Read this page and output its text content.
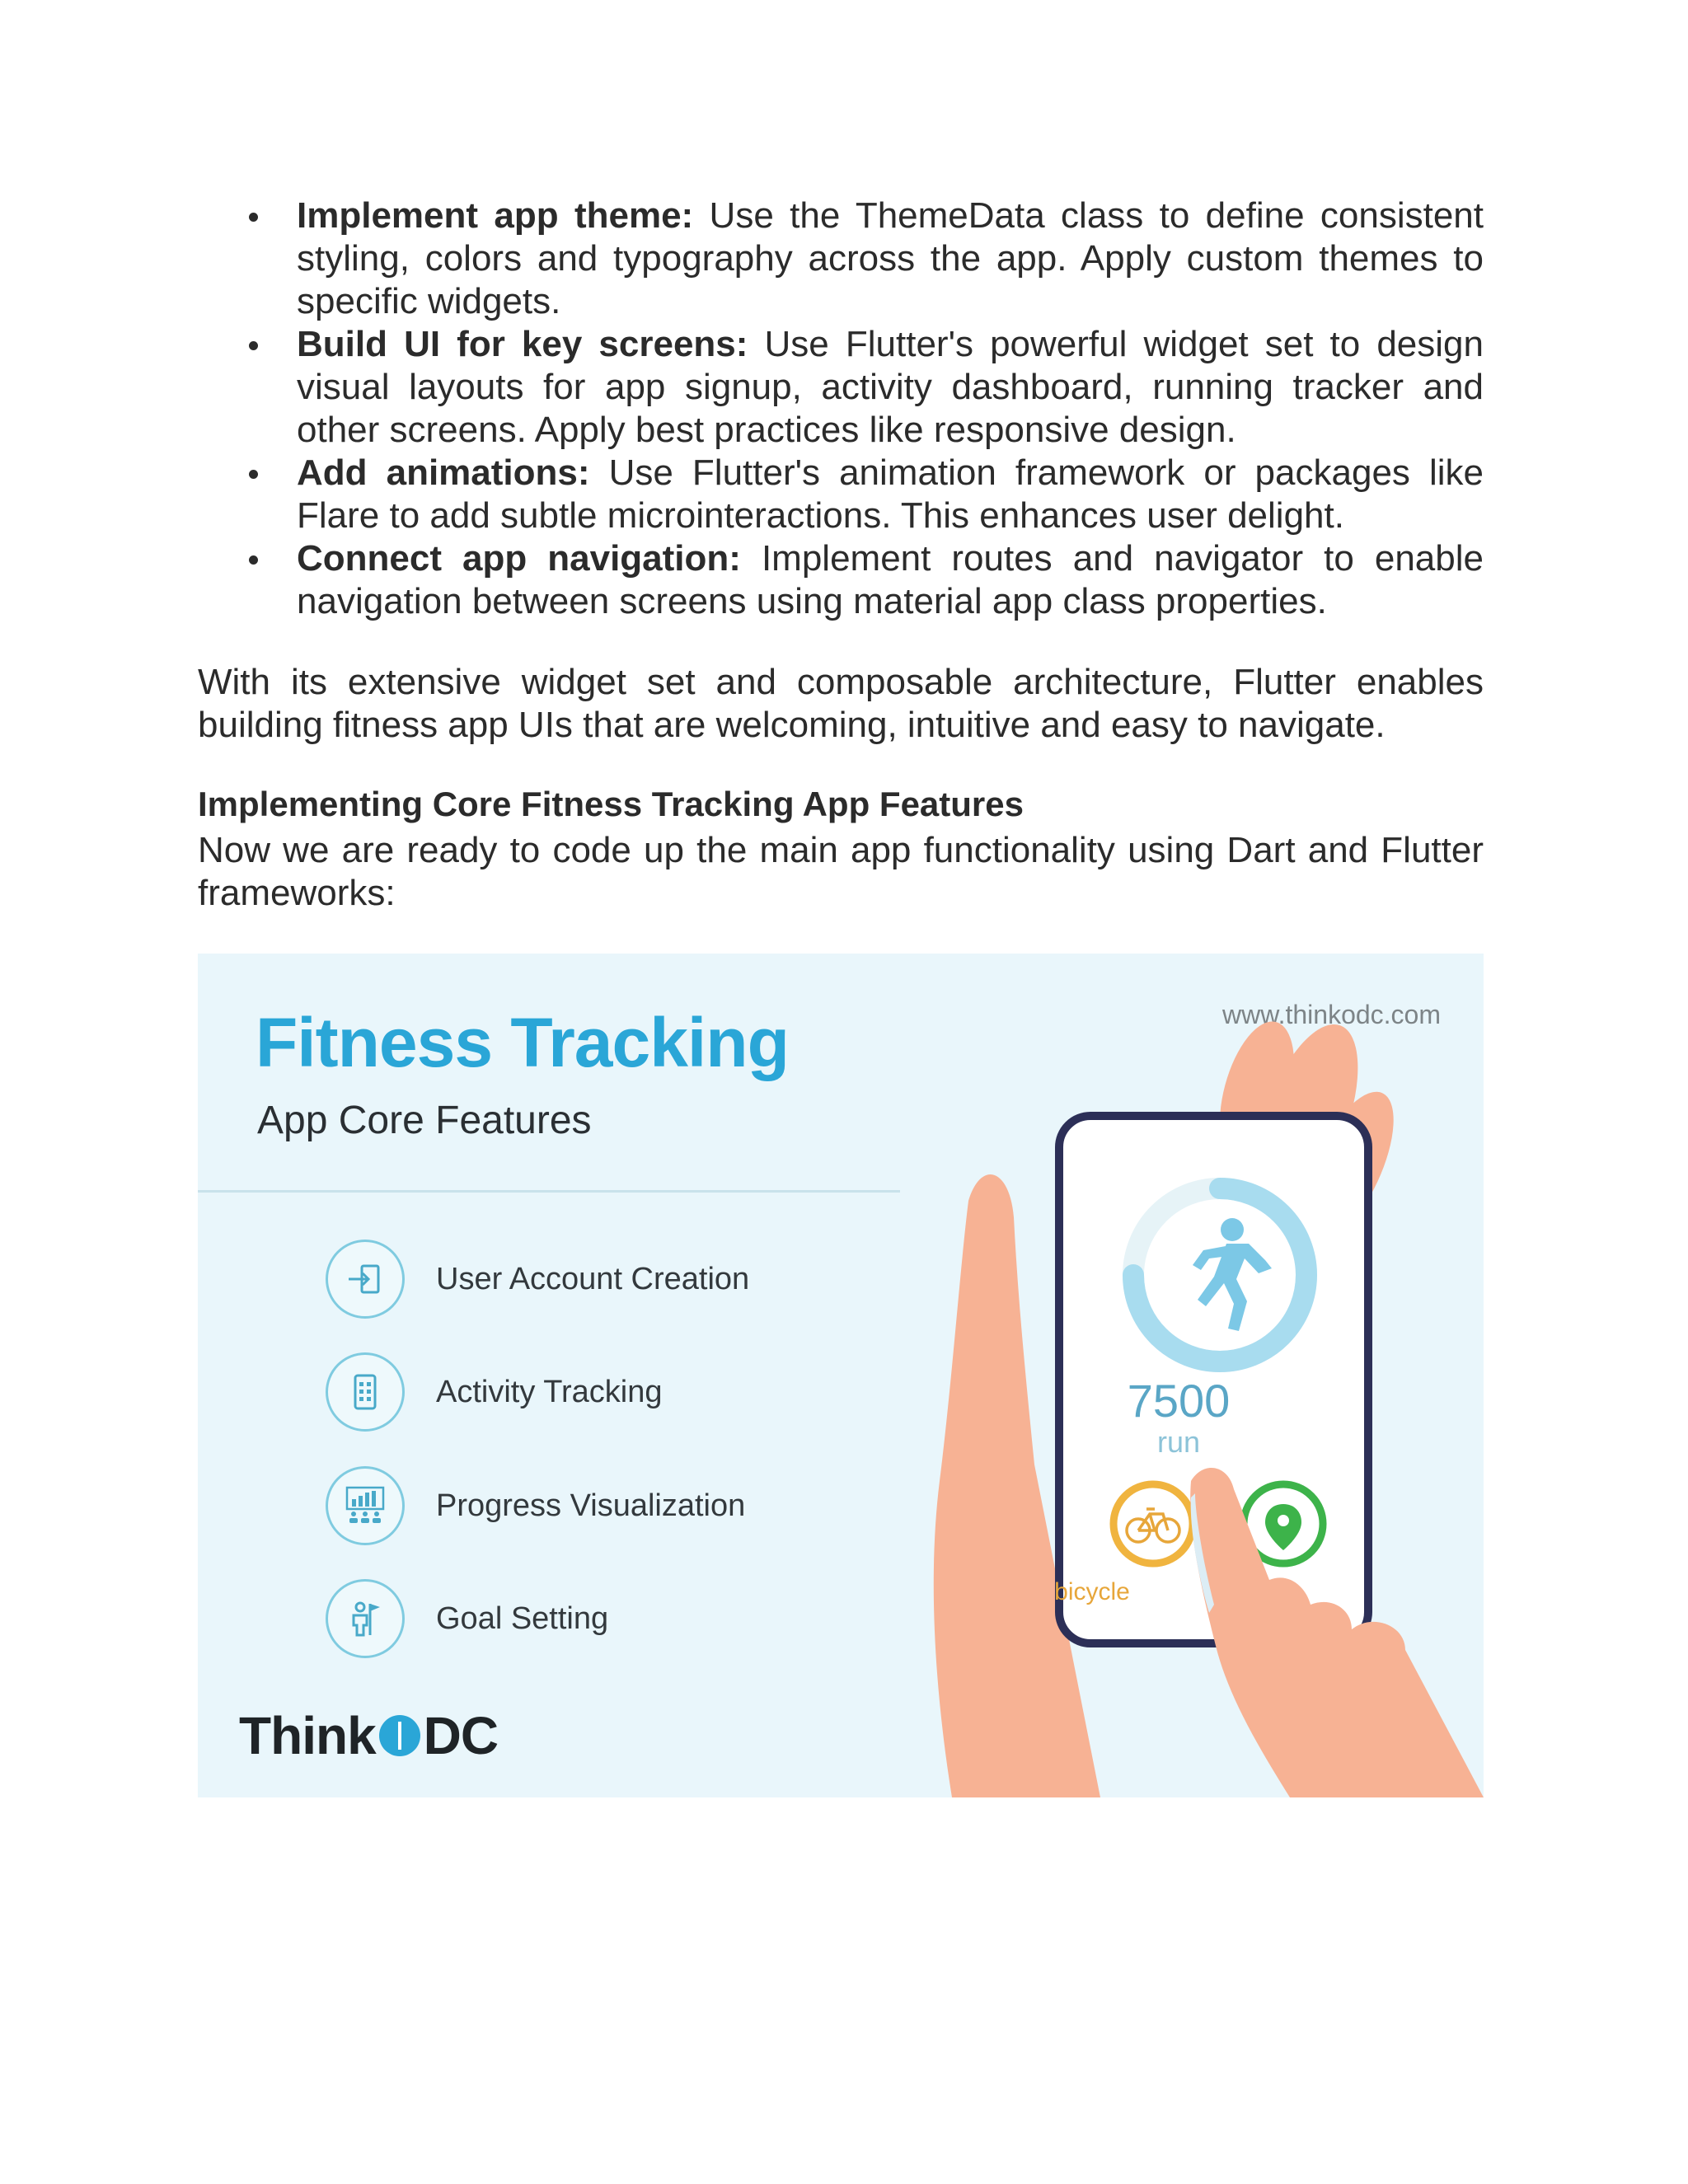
Implement app theme: Use the ThemeData class to define consistent styling, colors and typography across the app. Apply custom themes to specific widgets.
Build UI for key screens: Use Flutter's powerful widget set to design visual layouts for app signup, activity dashboard, running tracker and other screens. Apply best practices like responsive design.
Add animations: Use Flutter's animation framework or packages like Flare to add subtle microinteractions. This enhances user delight.
Connect app navigation: Implement routes and navigator to enable navigation between screens using material app class properties.

With its extensive widget set and composable architecture, Flutter enables building fitness app UIs that are welcoming, intuitive and easy to navigate.

Implementing Core Fitness Tracking App Features

Now we are ready to code up the main app functionality using Dart and Flutter frameworks:

Fitness Tracking
App Core Features
www.thinkodc.com
User Account Creation
Activity Tracking
Progress Visualization
Goal Setting
Think DC
7500
run
bicycle
